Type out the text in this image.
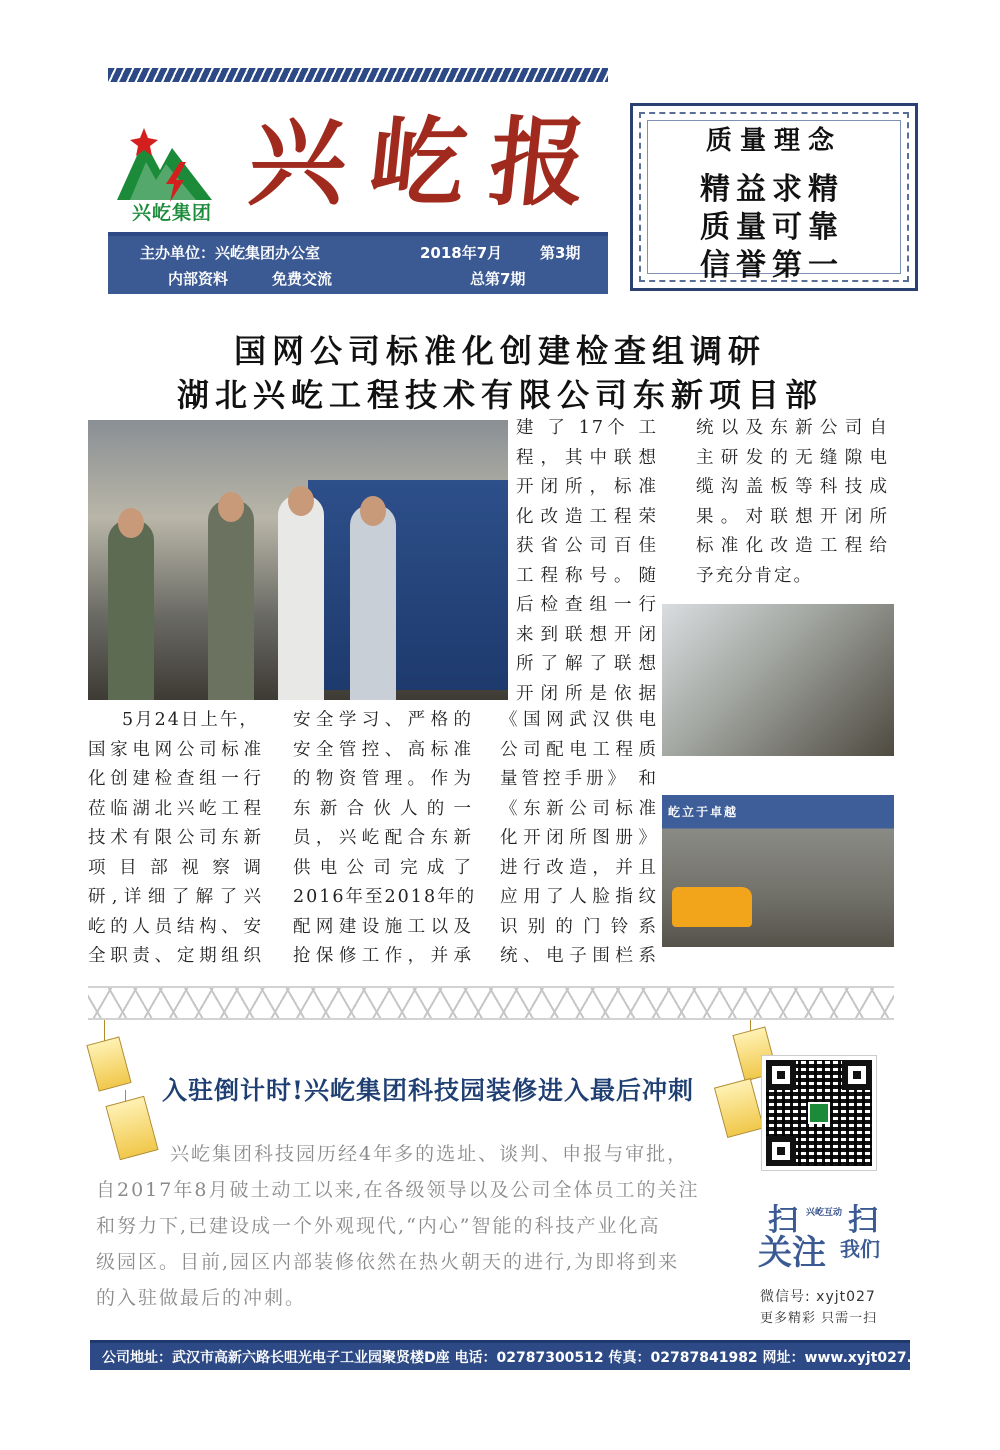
兴屹集团 兴屹报
主办单位：兴屹集团办公室	2018年7月	第3期
内部资料	免费交流	总第7期
质量理念
精益求精
质量可靠
信誉第一
国网公司标准化创建检查组调研
湖北兴屹工程技术有限公司东新项目部
屹立于卓越

5月24日上午，

国家电网公司标准

化创建检查组一行

莅临湖北兴屹工程

技术有限公司东新

项 目 部 视 察 调

研,详细了解了兴

屹的人员结构、安

全职责、定期组织

安全学习、严格的

安全管控、高标准

的物资管理。作为

东新合伙人的一

员，兴屹配合东新

供电公司完成了

2016年至2018年的

配网建设施工以及

抢保修工作，并承

建 了 17个 工

程，其中联想

开闭所，标准

化改造工程荣

获省公司百佳

工程称号。随

后检查组一行

来到联想开闭

所了解了联想

开闭所是依据

《国网武汉供电

公司配电工程质

量管控手册》 和

《东新公司标准

化开闭所图册》

进行改造，并且

应用了人脸指纹

识别的门铃系

统、电子围栏系

统以及东新公司自

主研发的无缝隙电

缆沟盖板等科技成

果。对联想开闭所

标准化改造工程给

予充分肯定。

入驻倒计时!兴屹集团科技园装修进入最后冲刺
兴屹集团科技园历经4年多的选址、谈判、申报与审批，
自2017年8月破土动工以来,在各级领导以及公司全体员工的关注
和努力下,已建设成一个外观现代,“内心”智能的科技产业化高
级园区。目前,园区内部装修依然在热火朝天的进行,为即将到来
的入驻做最后的冲刺。
扫
关注
扫
我们
兴屹互动
微信号: xyjt027
更多精彩 只需一扫
公司地址：武汉市高新六路长咀光电子工业园聚贤楼D座 电话：02787300512 传真：02787841982 网址：www.xyjt027.com
